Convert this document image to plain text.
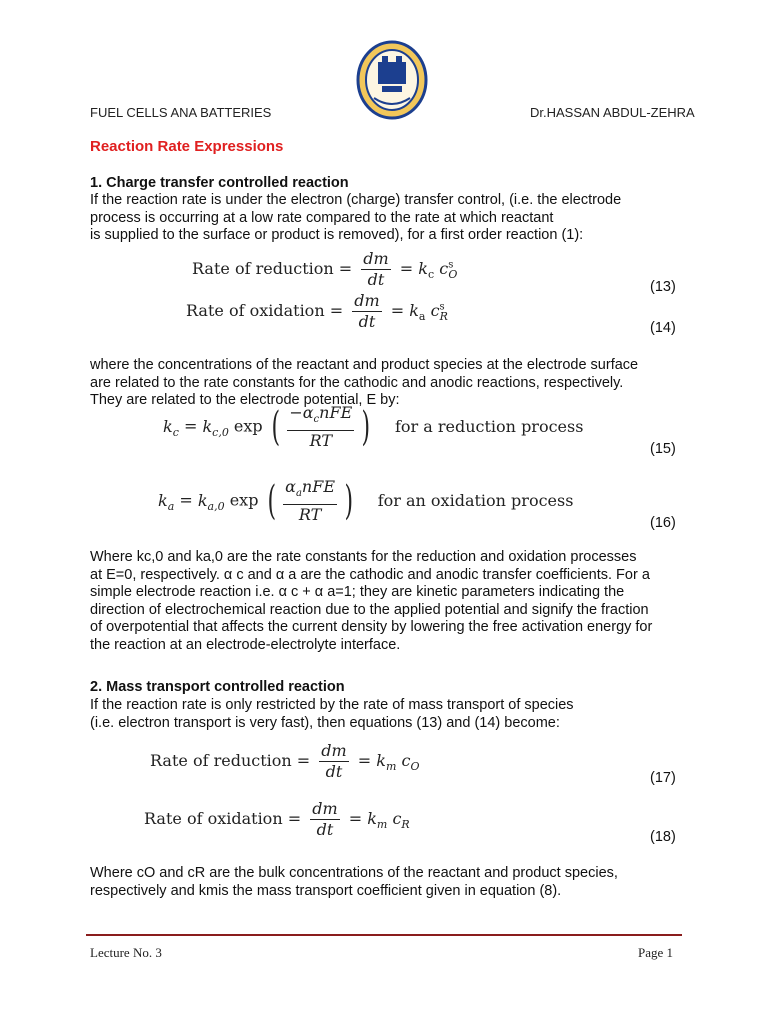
FUEL CELLS ANA BATTERIES	Dr.HASSAN ABDUL-ZEHRA
Reaction Rate Expressions
1. Charge transfer controlled reaction
If the reaction rate is under the electron (charge) transfer control, (i.e. the electrode
process is occurring at a low rate compared to the rate at which reactant
is supplied to the surface or product is removed), for a first order reaction (1):
Rate of reduction = $\frac{dm}{dt} = k_c$ $c^s_O$
(13)
Rate of oxidation = $\frac{dm}{dt} = k_a$ $c^s_R$
(14)
where the concentrations of the reactant and product species at the electrode surface
are related to the rate constants for the cathodic and anodic reactions, respectively.
They are related to the electrode potential, E by:
$k_c = k_{c,0}$ exp ( $\frac{-\alpha_cnFE}{RT}$ ) for a reduction process
(15)
$k_a = k_{a,0}$ exp ( $\frac{\alpha_anFE}{RT}$ ) for an oxidation process
(16)
Where kc,0 and ka,0 are the rate constants for the reduction and oxidation processes
at E=0, respectively. α c and α a are the cathodic and anodic transfer coefficients. For a
simple electrode reaction i.e. α c + α a=1; they are kinetic parameters indicating the
direction of electrochemical reaction due to the applied potential and signify the fraction
of overpotential that affects the current density by lowering the free activation energy for
the reaction at an electrode-electrolyte interface.
2. Mass transport controlled reaction
If the reaction rate is only restricted by the rate of mass transport of species
(i.e. electron transport is very fast), then equations (13) and (14) become:
Rate of reduction = $\frac{dm}{dt} = k_m$ $c_O$
(17)
Rate of oxidation = $\frac{dm}{dt} = k_m$ $c_R$
(18)
Where cO and cR are the bulk concentrations of the reactant and product species,
respectively and kmis the mass transport coefficient given in equation (8).
Lecture No. 3	Page 1
